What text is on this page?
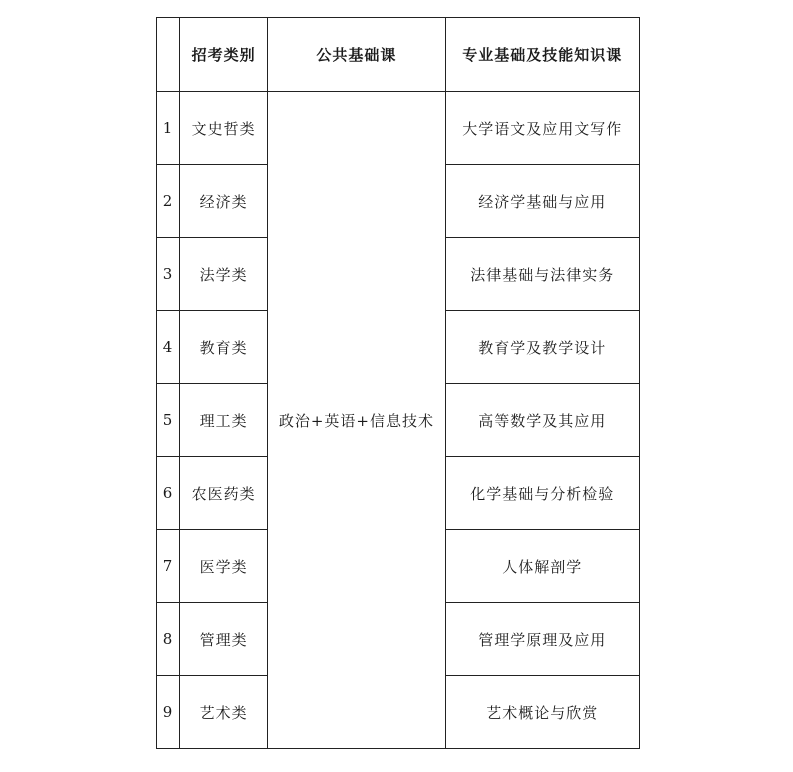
	招考类别	公共基础课	专业基础及技能知识课
1	文史哲类	政治+英语+信息技术	大学语文及应用文写作
2	经济类		经济学基础与应用
3	法学类		法律基础与法律实务
4	教育类		教育学及教学设计
5	理工类		高等数学及其应用
6	农医药类		化学基础与分析检验
7	医学类		人体解剖学
8	管理类		管理学原理及应用
9	艺术类		艺术概论与欣赏
